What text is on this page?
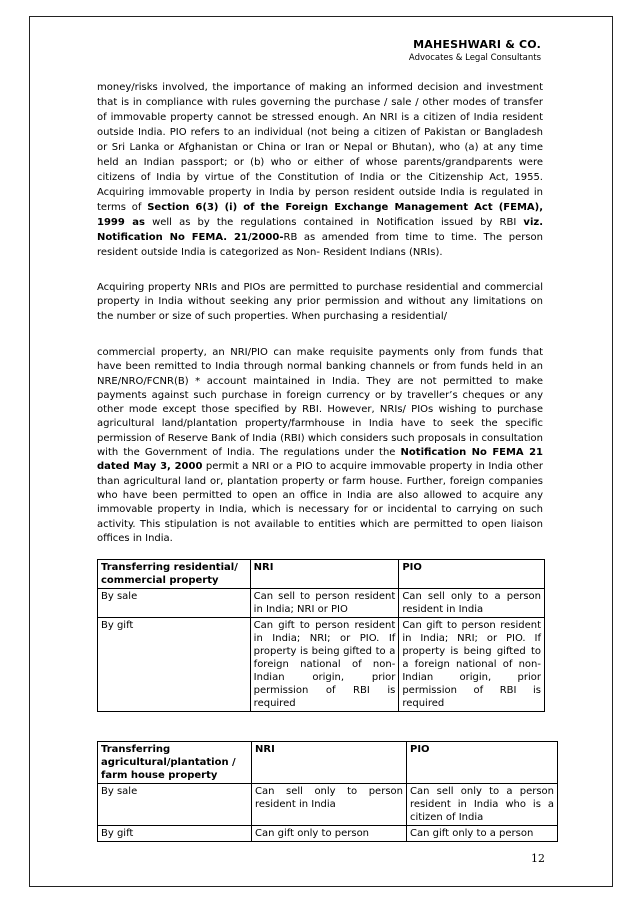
MAHESHWARI & CO.
Advocates & Legal Consultants
money/risks involved, the importance of making an informed decision and investment that is in compliance with rules governing the purchase / sale / other modes of transfer of immovable property cannot be stressed enough. An NRI is a citizen of India resident outside India. PIO refers to an individual (not being a citizen of Pakistan or Bangladesh or Sri Lanka or Afghanistan or China or Iran or Nepal or Bhutan), who (a) at any time held an Indian passport; or (b) who or either of whose parents/grandparents were citizens of India by virtue of the Constitution of India or the Citizenship Act, 1955. Acquiring immovable property in India by person resident outside India is regulated in terms of Section 6(3) (i) of the Foreign Exchange Management Act (FEMA), 1999 as well as by the regulations contained in Notification issued by RBI viz. Notification No FEMA. 21/2000-RB as amended from time to time. The person resident outside India is categorized as Non- Resident Indians (NRIs).
Acquiring property NRIs and PIOs are permitted to purchase residential and commercial property in India without seeking any prior permission and without any limitations on the number or size of such properties. When purchasing a residential/
commercial property, an NRI/PIO can make requisite payments only from funds that have been remitted to India through normal banking channels or from funds held in an NRE/NRO/FCNR(B) * account maintained in India. They are not permitted to make payments against such purchase in foreign currency or by traveller’s cheques or any other mode except those specified by RBI. However, NRIs/ PIOs wishing to purchase agricultural land/plantation property/farmhouse in India have to seek the specific permission of Reserve Bank of India (RBI) which considers such proposals in consultation with the Government of India. The regulations under the Notification No FEMA 21 dated May 3, 2000 permit a NRI or a PIO to acquire immovable property in India other than agricultural land or, plantation property or farm house. Further, foreign companies who have been permitted to open an office in India are also allowed to acquire any immovable property in India, which is necessary for or incidental to carrying on such activity. This stipulation is not available to entities which are permitted to open liaison offices in India.
Transferring residential/ commercial property	NRI	PIO
By sale	Can sell to person resident in India; NRI or PIO	Can sell only to a person resident in India
By gift	Can gift to person resident in India; NRI; or PIO. If property is being gifted to a foreign national of non-Indian origin, prior permission of RBI is required	Can gift to person resident in India; NRI; or PIO. If property is being gifted to a foreign national of non-Indian origin, prior permission of RBI is required
Transferring agricultural/plantation / farm house property	NRI	PIO
By sale	Can sell only to person resident in India	Can sell only to a person resident in India who is a citizen of India
By gift	Can gift only to person	Can gift only to a person
12
